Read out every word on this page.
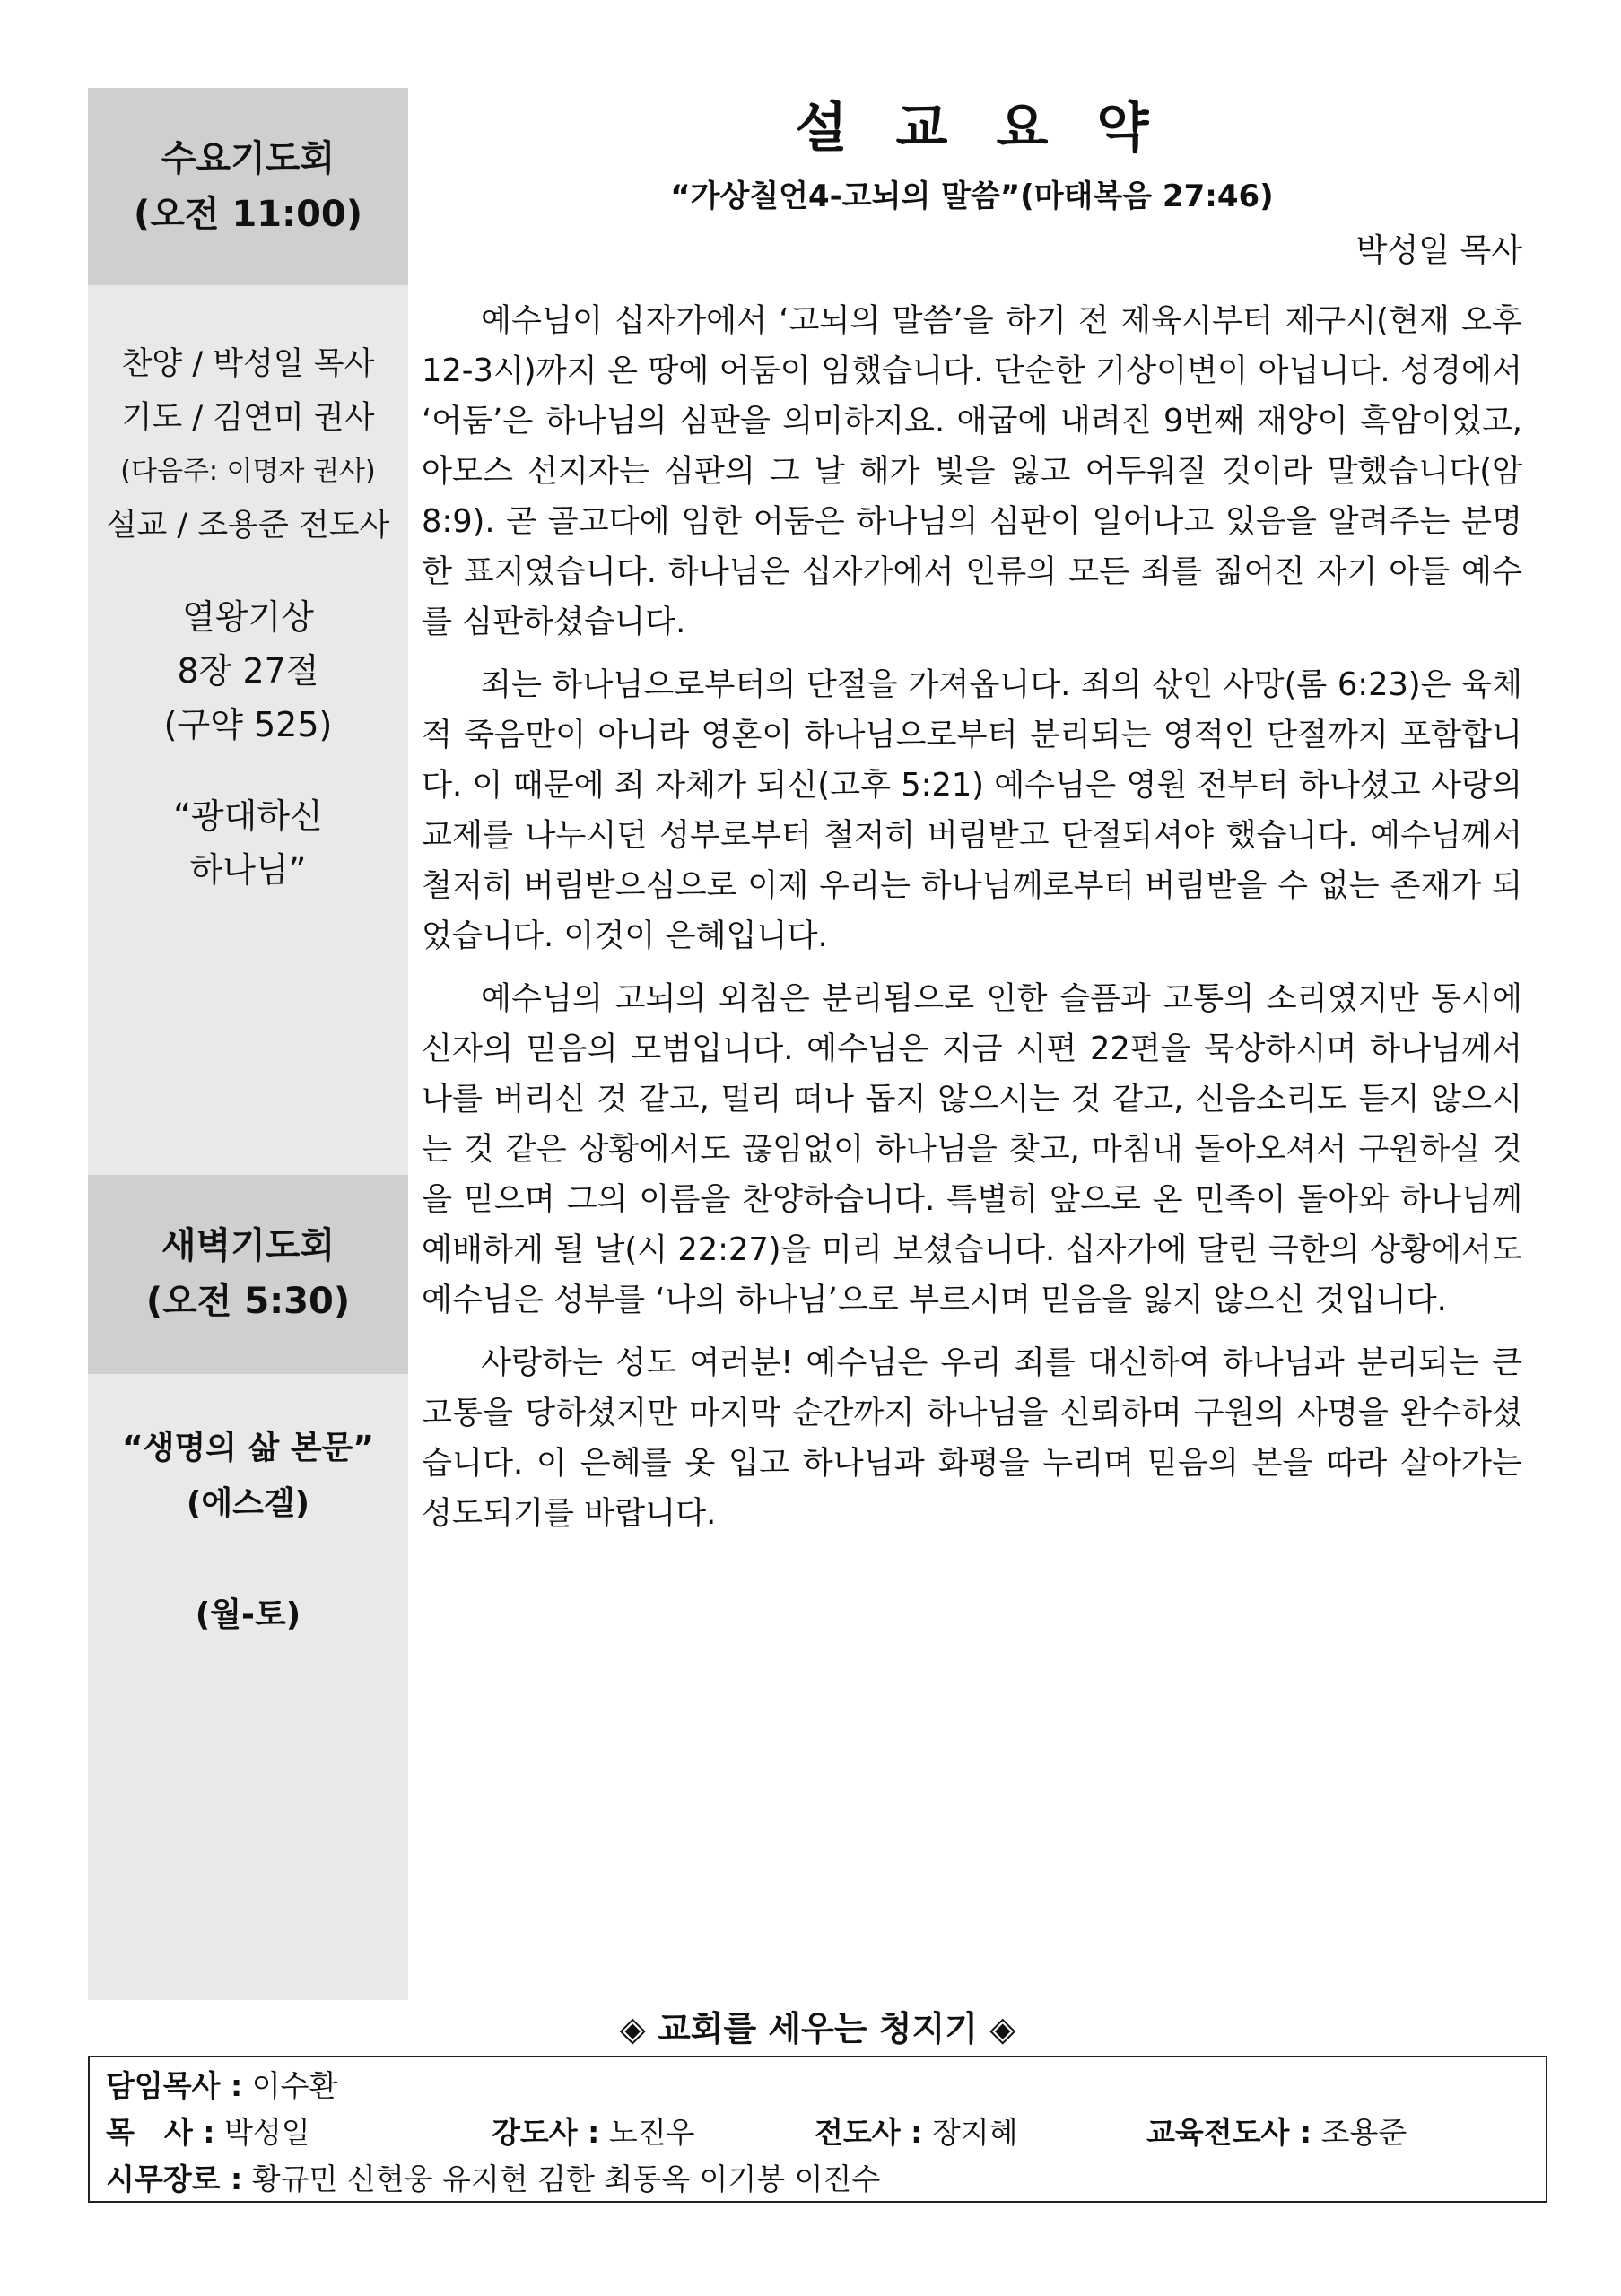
수요기도회
(오전 11:00)
찬양 / 박성일 목사
기도 / 김연미 권사
(다음주: 이명자 권사)
설교 / 조용준 전도사
열왕기상
8장 27절
(구약 525)
“광대하신
하나님”
새벽기도회
(오전 5:30)
“생명의 삶 본문”
(에스겔)
(월-토)
설교요약
“가상칠언4-고뇌의 말씀”(마태복음 27:46)
박성일 목사

예수님이 십자가에서 ‘고뇌의 말씀’을 하기 전 제육시부터 제구시(현재 오후 12-3시)까지 온 땅에 어둠이 임했습니다. 단순한 기상이변이 아닙니다. 성경에서 ‘어둠’은 하나님의 심판을 의미하지요. 애굽에 내려진 9번째 재앙이 흑암이었고, 아모스 선지자는 심판의 그 날 해가 빛을 잃고 어두워질 것이라 말했습니다(암 8:9). 곧 골고다에 임한 어둠은 하나님의 심판이 일어나고 있음을 알려주는 분명한 표지였습니다. 하나님은 십자가에서 인류의 모든 죄를 짊어진 자기 아들 예수를 심판하셨습니다.

죄는 하나님으로부터의 단절을 가져옵니다. 죄의 삯인 사망(롬 6:23)은 육체적 죽음만이 아니라 영혼이 하나님으로부터 분리되는 영적인 단절까지 포함합니다. 이 때문에 죄 자체가 되신(고후 5:21) 예수님은 영원 전부터 하나셨고 사랑의 교제를 나누시던 성부로부터 철저히 버림받고 단절되셔야 했습니다. 예수님께서 철저히 버림받으심으로 이제 우리는 하나님께로부터 버림받을 수 없는 존재가 되었습니다. 이것이 은혜입니다.

예수님의 고뇌의 외침은 분리됨으로 인한 슬픔과 고통의 소리였지만 동시에 신자의 믿음의 모범입니다. 예수님은 지금 시편 22편을 묵상하시며 하나님께서 나를 버리신 것 같고, 멀리 떠나 돕지 않으시는 것 같고, 신음소리도 듣지 않으시는 것 같은 상황에서도 끊임없이 하나님을 찾고, 마침내 돌아오셔서 구원하실 것을 믿으며 그의 이름을 찬양하습니다. 특별히 앞으로 온 민족이 돌아와 하나님께 예배하게 될 날(시 22:27)을 미리 보셨습니다. 십자가에 달린 극한의 상황에서도 예수님은 성부를 ‘나의 하나님’으로 부르시며 믿음을 잃지 않으신 것입니다.

사랑하는 성도 여러분! 예수님은 우리 죄를 대신하여 하나님과 분리되는 큰 고통을 당하셨지만 마지막 순간까지 하나님을 신뢰하며 구원의 사명을 완수하셨습니다. 이 은혜를 옷 입고 하나님과 화평을 누리며 믿음의 본을 따라 살아가는 성도되기를 바랍니다.

◈ 교회를 세우는 청지기 ◈
담임목사 : 이수환
목　사 : 박성일	강도사 : 노진우	전도사 : 장지혜	교육전도사 : 조용준
시무장로 : 황규민 신현웅 유지현 김한 최동옥 이기봉 이진수
